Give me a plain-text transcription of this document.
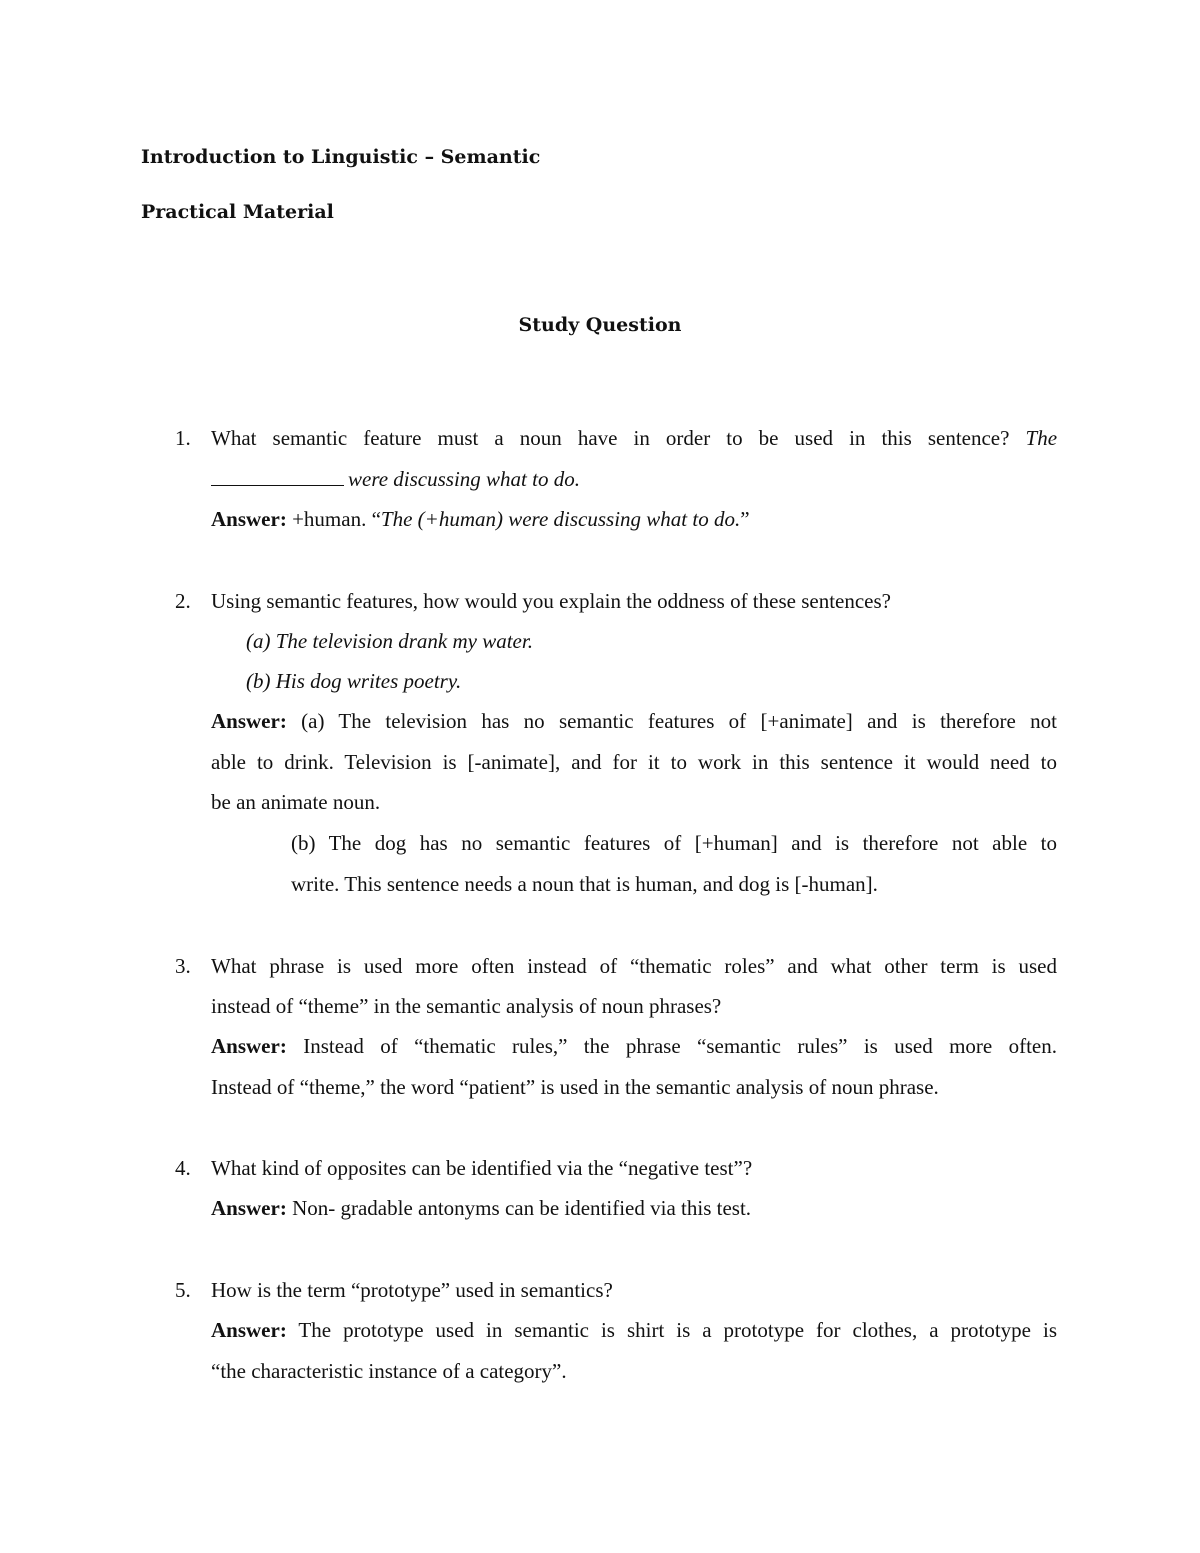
Introduction to Linguistic – Semantic
Practical Material
Study Question
1. What semantic feature must a noun have in order to be used in this sentence? The
were discussing what to do.
Answer: +human. “The (+human) were discussing what to do.”
2. Using semantic features, how would you explain the oddness of these sentences?
(a) The television drank my water.
(b) His dog writes poetry.
Answer: (a) The television has no semantic features of [+animate] and is therefore not
able to drink. Television is [-animate], and for it to work in this sentence it would need to
be an animate noun.
(b) The dog has no semantic features of [+human] and is therefore not able to
write. This sentence needs a noun that is human, and dog is [-human].
3. What phrase is used more often instead of “thematic roles” and what other term is used
instead of “theme” in the semantic analysis of noun phrases?
Answer: Instead of “thematic rules,” the phrase “semantic rules” is used more often.
Instead of “theme,” the word “patient” is used in the semantic analysis of noun phrase.
4. What kind of opposites can be identified via the “negative test”?
Answer: Non- gradable antonyms can be identified via this test.
5. How is the term “prototype” used in semantics?
Answer: The prototype used in semantic is shirt is a prototype for clothes, a prototype is
“the characteristic instance of a category”.
